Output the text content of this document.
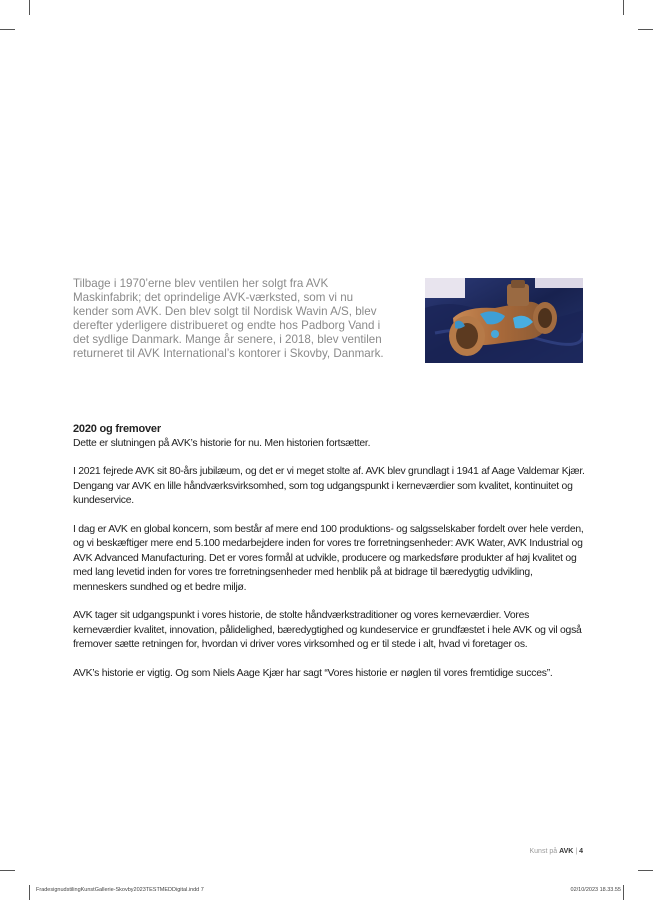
Tilbage i 1970’erne blev ventilen her solgt fra AVK
Maskinfabrik; det oprindelige AVK-værksted, som vi nu
kender som AVK. Den blev solgt til Nordisk Wavin A/S, blev
derefter yderligere distribueret og endte hos Padborg Vand i
det sydlige Danmark. Mange år senere, i 2018, blev ventilen
returneret til AVK International’s kontorer i Skovby, Danmark.
2020 og fremover

Dette er slutningen på AVK’s historie for nu. Men historien fortsætter.

I 2021 fejrede AVK sit 80-års jubilæum, og det er vi meget stolte af. AVK blev grundlagt i 1941 af Aage Valdemar Kjær. Dengang var AVK en lille håndværksvirksomhed, som tog udgangspunkt i kerneværdier som kvalitet, kontinuitet og kundeservice.

I dag er AVK en global koncern, som består af mere end 100 produktions- og salgsselskaber fordelt over hele verden, og vi beskæftiger mere end 5.100 medarbejdere inden for vores tre forretningsenheder: AVK Water, AVK Industrial og AVK Advanced Manufacturing. Det er vores formål at udvikle, producere og markedsføre produkter af høj kvalitet og med lang levetid inden for vores tre forretningsenheder med henblik på at bidrage til bæredygtig udvikling, menneskers sundhed og et bedre miljø.

AVK tager sit udgangspunkt i vores historie, de stolte håndværkstraditioner og vores kerneværdier. Vores kerneværdier kvalitet, innovation, pålidelighed, bæredygtighed og kundeservice er grundfæstet i hele AVK og vil også fremover sætte retningen for, hvordan vi driver vores virksomhed og er til stede i alt, hvad vi foretager os.

AVK’s historie er vigtig. Og som Niels Aage Kjær har sagt “Vores historie er nøglen til vores fremtidige succes”.

Kunst på AVK | 4
FradesignudstilingKunstGallerie-Skovby2023TESTMEDDigital.indd 7	02/10/2023 18.33.55
